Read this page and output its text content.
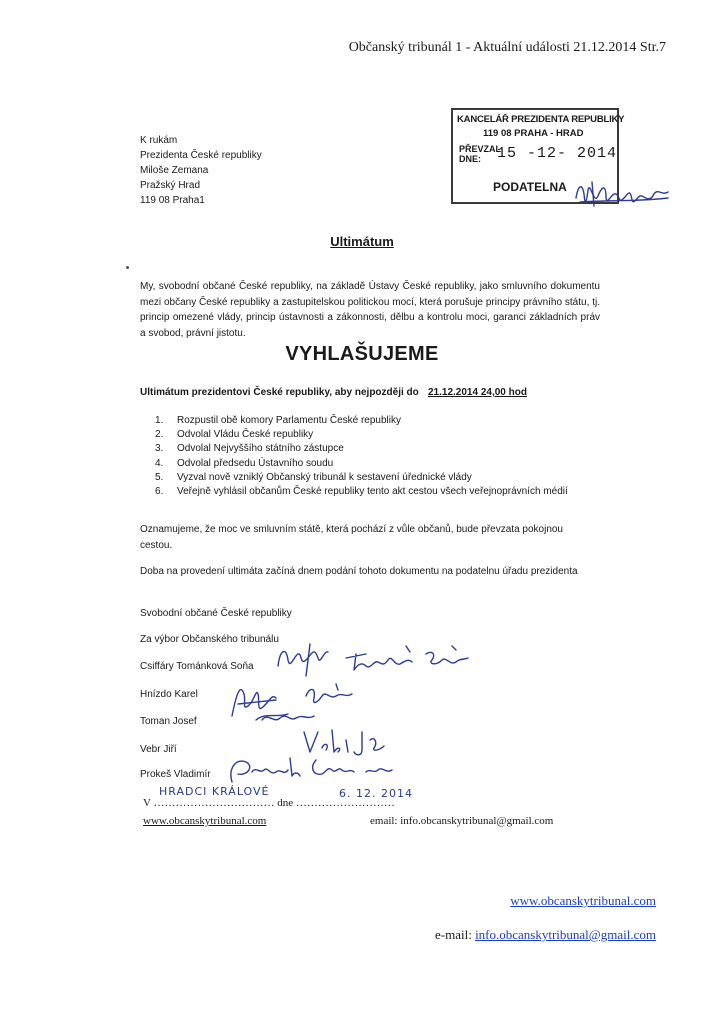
Občanský tribunál 1 - Aktuální události 21.12.2014 Str.7
KANCELÁŘ PREZIDENTA REPUBLIKY
119 08 PRAHA - HRAD
PŘEVZAL
DNE:	15 -12- 2014
PODATELNA
K rukám
Prezidenta České republiky
Miloše Zemana
Pražský Hrad
119 08 Praha1
Ultimátum
My, svobodní občané České republiky, na základě Ústavy České republiky, jako smluvního dokumentu mezi občany České republiky a zastupitelskou politickou mocí, která porušuje principy právního státu, tj. princip omezené vlády, princip ústavnosti a zákonnosti, dělbu a kontrolu moci, garanci základních práv a svobod, právní jistotu.
VYHLAŠUJEME
Ultimátum prezidentovi České republiky, aby nejpozději do 21.12.2014 24,00 hod
1. Rozpustil obě komory Parlamentu České republiky
2. Odvolal Vládu České republiky
3. Odvolal Nejvyššího státního zástupce
4. Odvolal předsedu Ústavního soudu
5. Vyzval nově vzniklý Občanský tribunál k sestavení úřednické vlády
6. Veřejně vyhlásil občanům České republiky tento akt cestou všech veřejnoprávních médií
Oznamujeme, že moc ve smluvním státě, která pochází z vůle občanů, bude převzata pokojnou cestou.
Doba na provedení ultimáta začíná dnem podání tohoto dokumentu na podatelnu úřadu prezidenta
Svobodní občané České republiky
Za výbor Občanského tribunálu
Csiffáry Tománková Soňa
Hnízdo Karel
Toman Josef
Vebr Jiří
Prokeš Vladimír
V …………………………… dne ………………………
HRADCI KRÁLOVÉ	6. 12. 2014
www.obcanskytribunal.com	email: info.obcanskytribunal@gmail.com
www.obcanskytribunal.com
e-mail: info.obcanskytribunal@gmail.com
